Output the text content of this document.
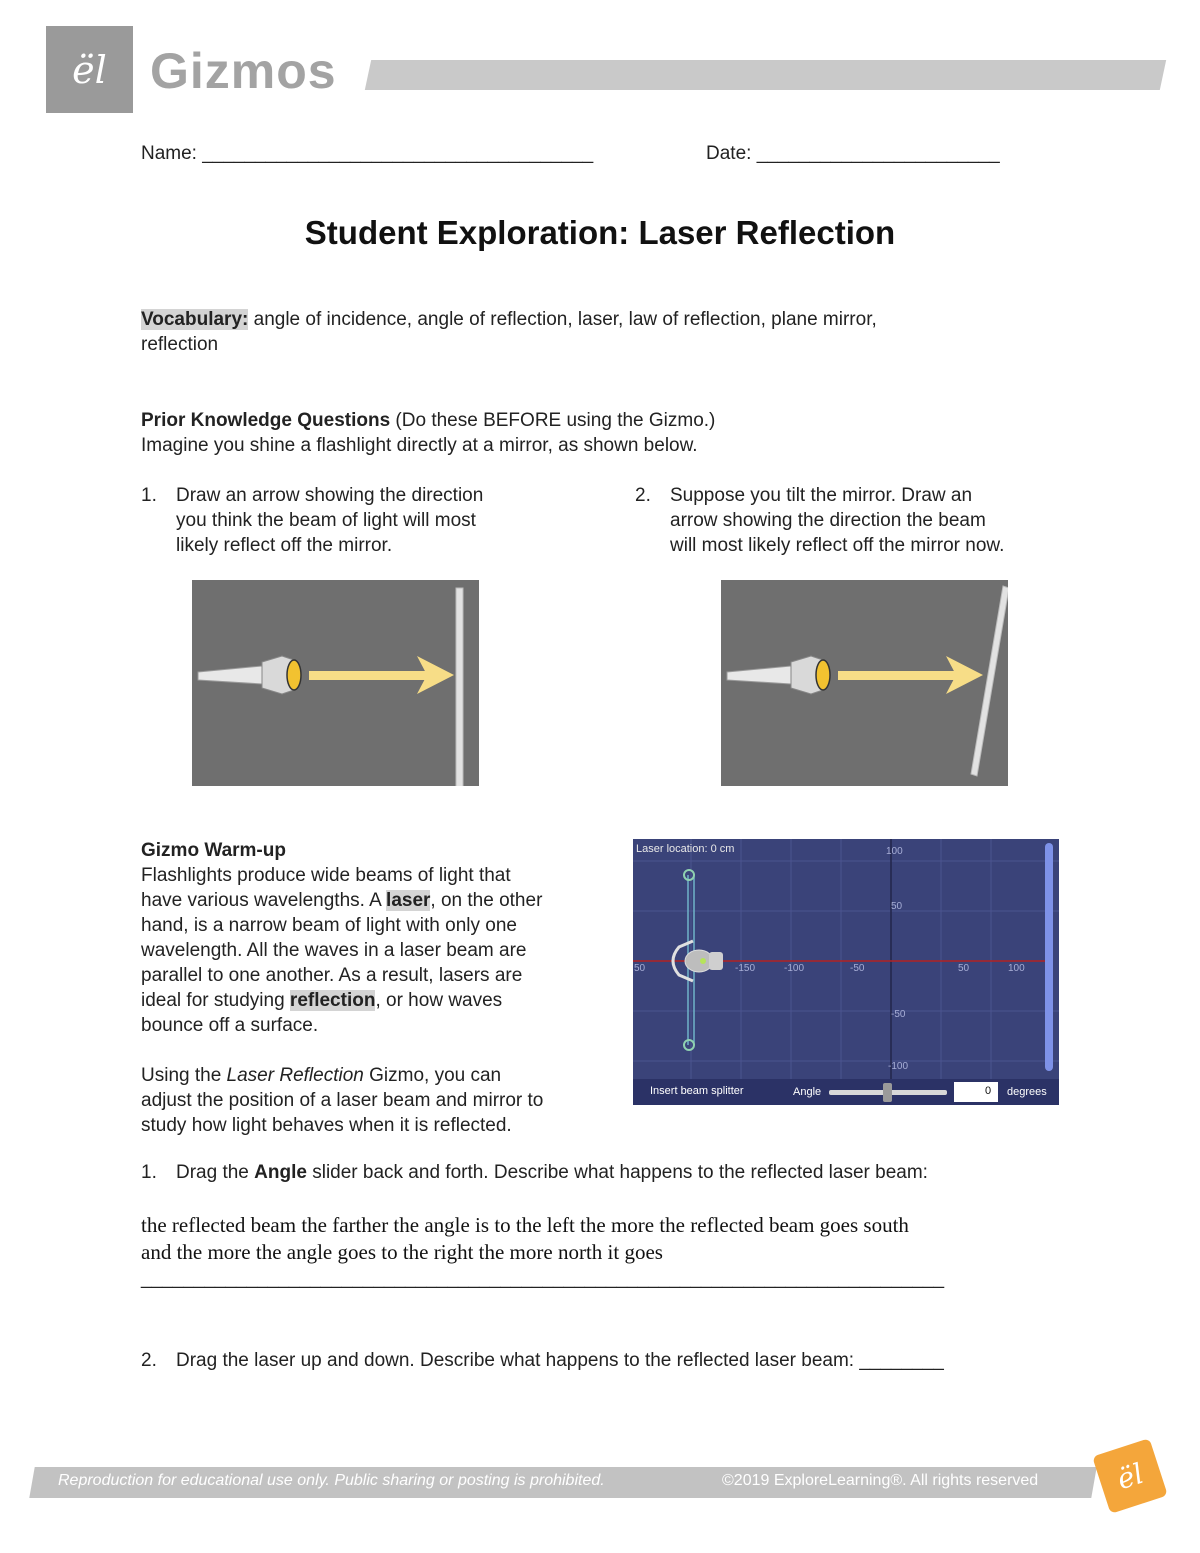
ël Gizmos
Name: _____________________________________	Date: _______________________
Student Exploration: Laser Reflection
Vocabulary: angle of incidence, angle of reflection, laser, law of reflection, plane mirror,
reflection
Prior Knowledge Questions (Do these BEFORE using the Gizmo.)
Imagine you shine a flashlight directly at a mirror, as shown below.
1. Draw an arrow showing the direction
you think the beam of light will most
likely reflect off the mirror.
2. Suppose you tilt the mirror. Draw an
arrow showing the direction the beam
will most likely reflect off the mirror now.
Gizmo Warm-up
Flashlights produce wide beams of light that
have various wavelengths. A laser, on the other
hand, is a narrow beam of light with only one
wavelength. All the waves in a laser beam are
parallel to one another. As a result, lasers are
ideal for studying reflection, or how waves
bounce off a surface.

Using the Laser Reflection Gizmo, you can
adjust the position of a laser beam and mirror to
study how light behaves when it is reflected.
Laser location: 0 cm	100
50
-50
-100
50	-150	-100	-50	50	100
Insert beam splitter	Angle	0 degrees
1. Drag the Angle slider back and forth. Describe what happens to the reflected laser beam:
the reflected beam the farther the angle is to the left the more the reflected beam goes south
and the more the angle goes to the right the more north it goes
____________________________________________________________________________
2. Drag the laser up and down. Describe what happens to the reflected laser beam: ________
Reproduction for educational use only. Public sharing or posting is prohibited.	©2019 ExploreLearning®. All rights reserved	ël
